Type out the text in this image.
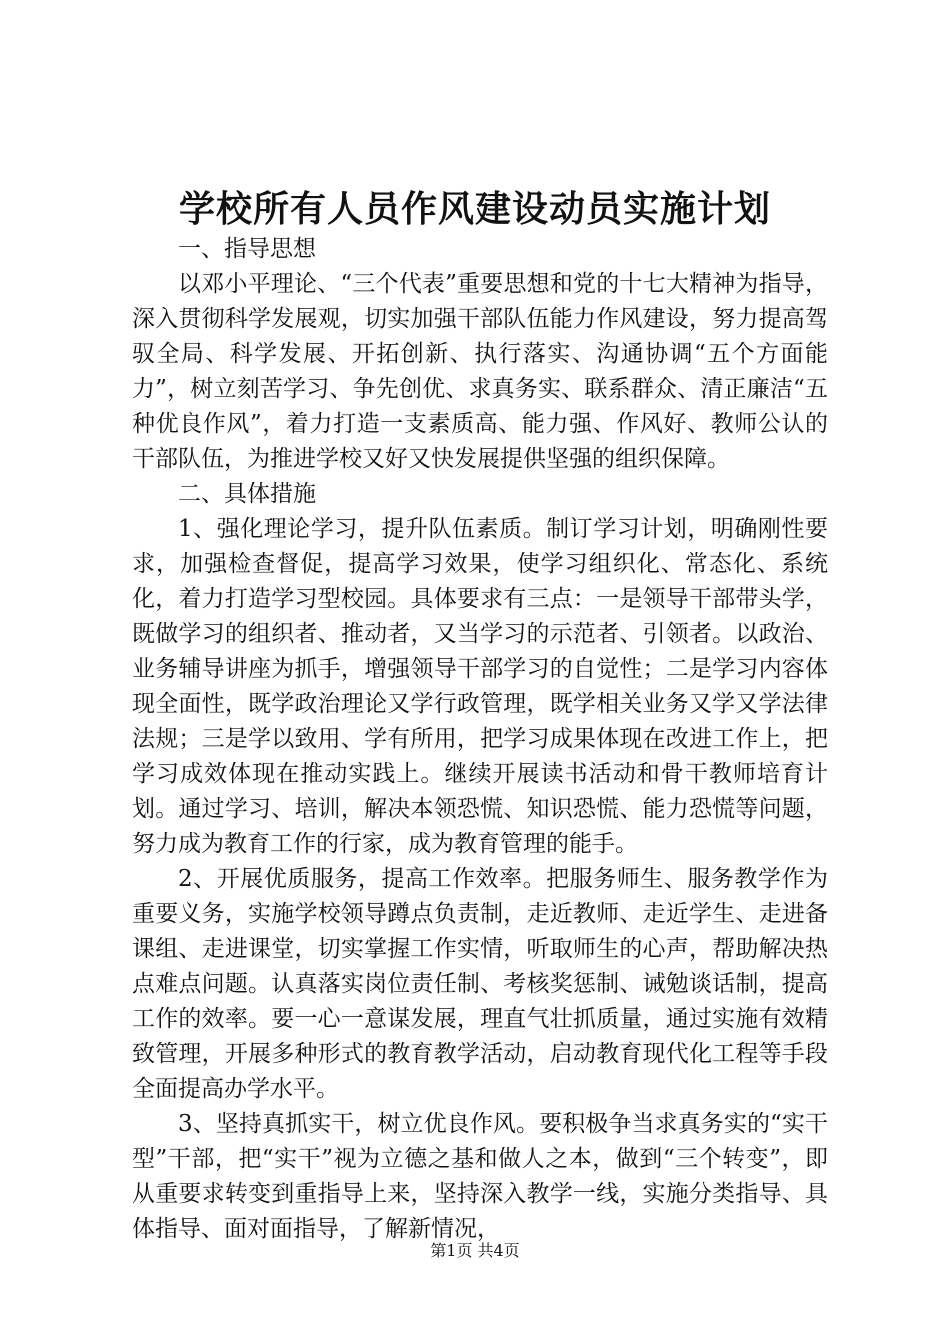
学校所有人员作风建设动员实施计划

一、指导思想

以邓小平理论、“三个代表”重要思想和党的十七大精神为指导，深入贯彻科学发展观，切实加强干部队伍能力作风建设，努力提高驾驭全局、科学发展、开拓创新、执行落实、沟通协调“五个方面能力”，树立刻苦学习、争先创优、求真务实、联系群众、清正廉洁“五种优良作风”，着力打造一支素质高、能力强、作风好、教师公认的干部队伍，为推进学校又好又快发展提供坚强的组织保障。

二、具体措施

1、强化理论学习，提升队伍素质。制订学习计划，明确刚性要求，加强检查督促，提高学习效果，使学习组织化、常态化、系统化，着力打造学习型校园。具体要求有三点：一是领导干部带头学，既做学习的组织者、推动者，又当学习的示范者、引领者。以政治、业务辅导讲座为抓手，增强领导干部学习的自觉性；二是学习内容体现全面性，既学政治理论又学行政管理，既学相关业务又学又学法律法规；三是学以致用、学有所用，把学习成果体现在改进工作上，把学习成效体现在推动实践上。继续开展读书活动和骨干教师培育计划。通过学习、培训，解决本领恐慌、知识恐慌、能力恐慌等问题，努力成为教育工作的行家，成为教育管理的能手。

2、开展优质服务，提高工作效率。把服务师生、服务教学作为重要义务，实施学校领导蹲点负责制，走近教师、走近学生、走进备课组、走进课堂，切实掌握工作实情，听取师生的心声，帮助解决热点难点问题。认真落实岗位责任制、考核奖惩制、诫勉谈话制，提高工作的效率。要一心一意谋发展，理直气壮抓质量，通过实施有效精致管理，开展多种形式的教育教学活动，启动教育现代化工程等手段全面提高办学水平。

3、坚持真抓实干，树立优良作风。要积极争当求真务实的“实干型”干部，把“实干”视为立德之基和做人之本，做到“三个转变”，即从重要求转变到重指导上来，坚持深入教学一线，实施分类指导、具体指导、面对面指导，了解新情况，

第1页 共4页
